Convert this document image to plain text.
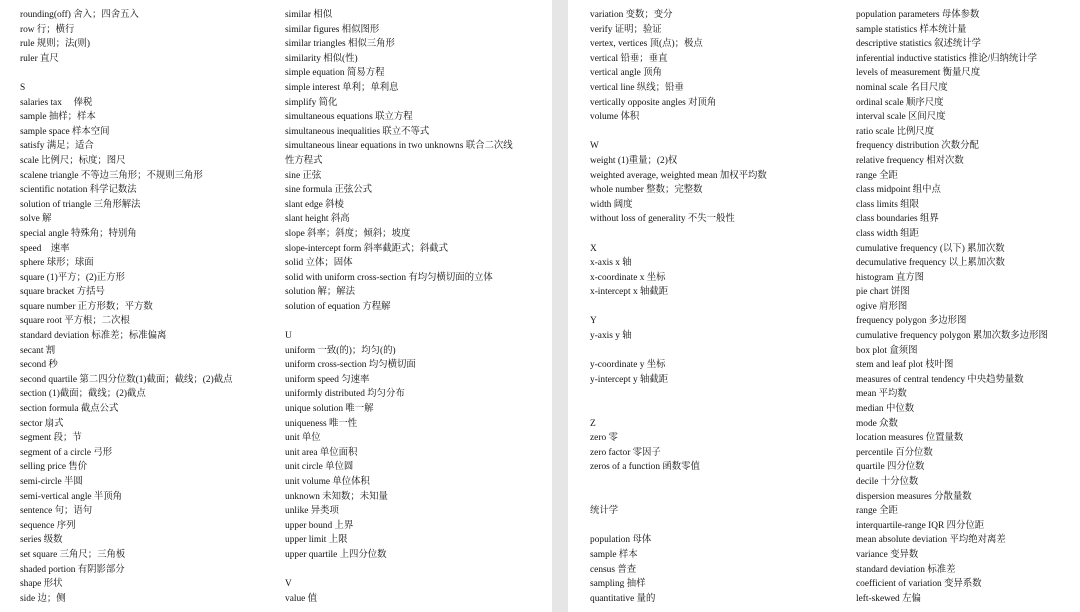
rounding(off) 舍入；四舍五入
row 行；横行
rule 规则；法(则)
ruler 直尺
S
salaries tax　 俸税
sample 抽样；样本
sample space 样本空间
satisfy 满足；适合
scale 比例尺；标度；图尺
scalene triangle 不等边三角形；不规则三角形
scientific notation 科学记数法
solution of triangle 三角形解法
solve 解
special angle 特殊角；特别角
speed　速率
sphere 球形；球面
square (1)平方；(2)正方形
square bracket 方括号
square number 正方形数；平方数
square root 平方根；二次根
standard deviation 标准差；标准偏离
secant 割
second 秒
second quartile 第二四分位数(1)截面；截线；(2)截点
section (1)截面；截线；(2)截点
section formula 截点公式
sector 扇式
segment 段；节
segment of a circle 弓形
selling price 售价
semi-circle 半圆
semi-vertical angle 半顶角
sentence 句；语句
sequence 序列
series 级数
set square 三角尺；三角板
shaded portion 有阴影部分
shape 形状
side 边；侧
similar 相似
similar figures 相似图形
similar triangles 相似三角形
similarity 相似(性)
simple equation 简易方程
simple interest 单利；单利息
simplify 简化
simultaneous equations 联立方程
simultaneous inequalities 联立不等式
simultaneous linear equations in two unknowns 联合二次线
性方程式
sine 正弦
sine formula 正弦公式
slant edge 斜棱
slant height 斜高
slope 斜率；斜度；倾斜；坡度
slope-intercept form 斜率截距式；斜截式
solid 立体；固体
solid with uniform cross-section 有均匀横切面的立体
solution 解；解法
solution of equation 方程解
U
uniform 一致(的)；均匀(的)
uniform cross-section 均匀横切面
uniform speed 匀速率
uniformly distributed 均匀分布
unique solution 唯一解
uniqueness 唯一性
unit 单位
unit area 单位面积
unit circle 单位圆
unit volume 单位体积
unknown 未知数；未知量
unlike 异类项
upper bound 上界
upper limit 上限
upper quartile 上四分位数
V
value 值
variation 变数；变分
verify 证明；验证
vertex, vertices 顶(点)；极点
vertical 铅垂；垂直
vertical angle 顶角
vertical line 纵线；铅垂
vertically opposite angles 对顶角
volume 体积
W
weight (1)重量；(2)权
weighted average, weighted mean 加权平均数
whole number 整数；完整数
width 阔度
without loss of generality 不失一般性
X
x-axis x 轴
x-coordinate x 坐标
x-intercept x 轴截距
Y
y-axis y 轴
y-coordinate y 坐标
y-intercept y 轴截距
Z
zero 零
zero factor 零因子
zeros of a function 函数零值
统计学
population 母体
sample 样本
census 普查
sampling 抽样
quantitative 量的
population parameters 母体参数
sample statistics 样本统计量
descriptive statistics 叙述统计学
inferential inductive statistics 推论/归纳统计学
levels of measurement 衡量尺度
nominal scale 名目尺度
ordinal scale 顺序尺度
interval scale 区间尺度
ratio scale 比例尺度
frequency distribution 次数分配
relative frequency 相对次数
range 全距
class midpoint 组中点
class limits 组限
class boundaries 组界
class width 组距
cumulative frequency (以下) 累加次数
decumulative frequency 以上累加次数
histogram 直方图
pie chart 饼图
ogive 肩形图
frequency polygon 多边形图
cumulative frequency polygon 累加次数多边形图
box plot 盒须图
stem and leaf plot 枝叶图
measures of central tendency 中央趋势量数
mean 平均数
median 中位数
mode 众数
location measures 位置量数
percentile 百分位数
quartile 四分位数
decile 十分位数
dispersion measures 分散量数
range 全距
interquartile-range IQR 四分位距
mean absolute deviation 平均绝对离差
variance 变异数
standard deviation 标准差
coefficient of variation 变异系数
left-skewed 左偏
